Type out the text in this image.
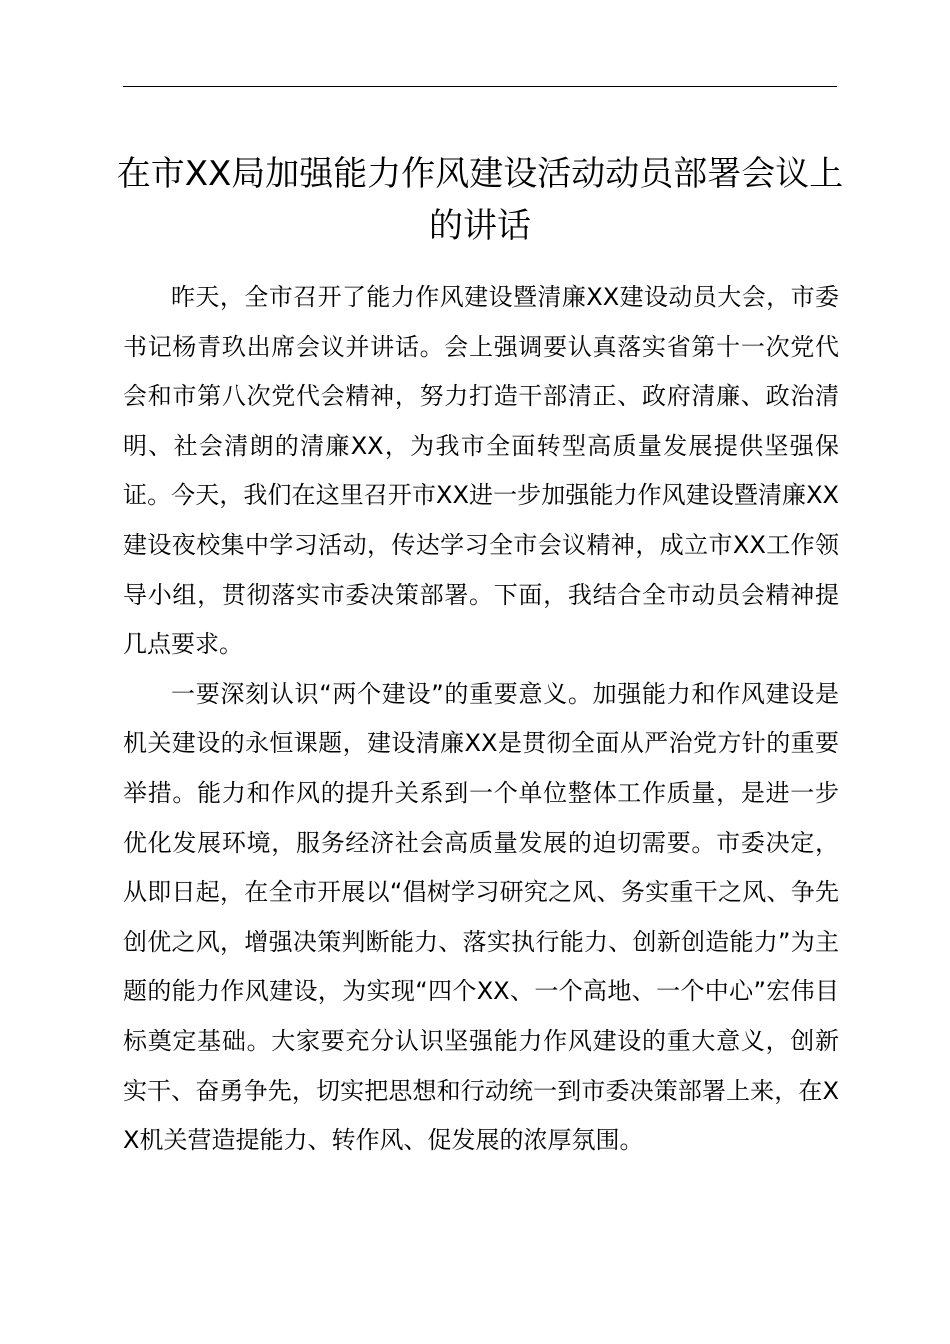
在市XX局加强能力作风建设活动动员部署会议上的讲话

昨天，全市召开了能力作风建设暨清廉XX建设动员大会，市委书记杨青玖出席会议并讲话。会上强调要认真落实省第十一次党代会和市第八次党代会精神，努力打造干部清正、政府清廉、政治清明、社会清朗的清廉XX，为我市全面转型高质量发展提供坚强保证。今天，我们在这里召开市XX进一步加强能力作风建设暨清廉XX建设夜校集中学习活动，传达学习全市会议精神，成立市XX工作领导小组，贯彻落实市委决策部署。下面，我结合全市动员会精神提几点要求。

一要深刻认识“两个建设”的重要意义。加强能力和作风建设是机关建设的永恒课题，建设清廉XX是贯彻全面从严治党方针的重要举措。能力和作风的提升关系到一个单位整体工作质量，是进一步优化发展环境，服务经济社会高质量发展的迫切需要。市委决定，从即日起，在全市开展以“倡树学习研究之风、务实重干之风、争先创优之风，增强决策判断能力、落实执行能力、创新创造能力”为主题的能力作风建设，为实现“四个XX、一个高地、一个中心”宏伟目标奠定基础。大家要充分认识坚强能力作风建设的重大意义，创新实干、奋勇争先，切实把思想和行动统一到市委决策部署上来，在XX机关营造提能力、转作风、促发展的浓厚氛围。
